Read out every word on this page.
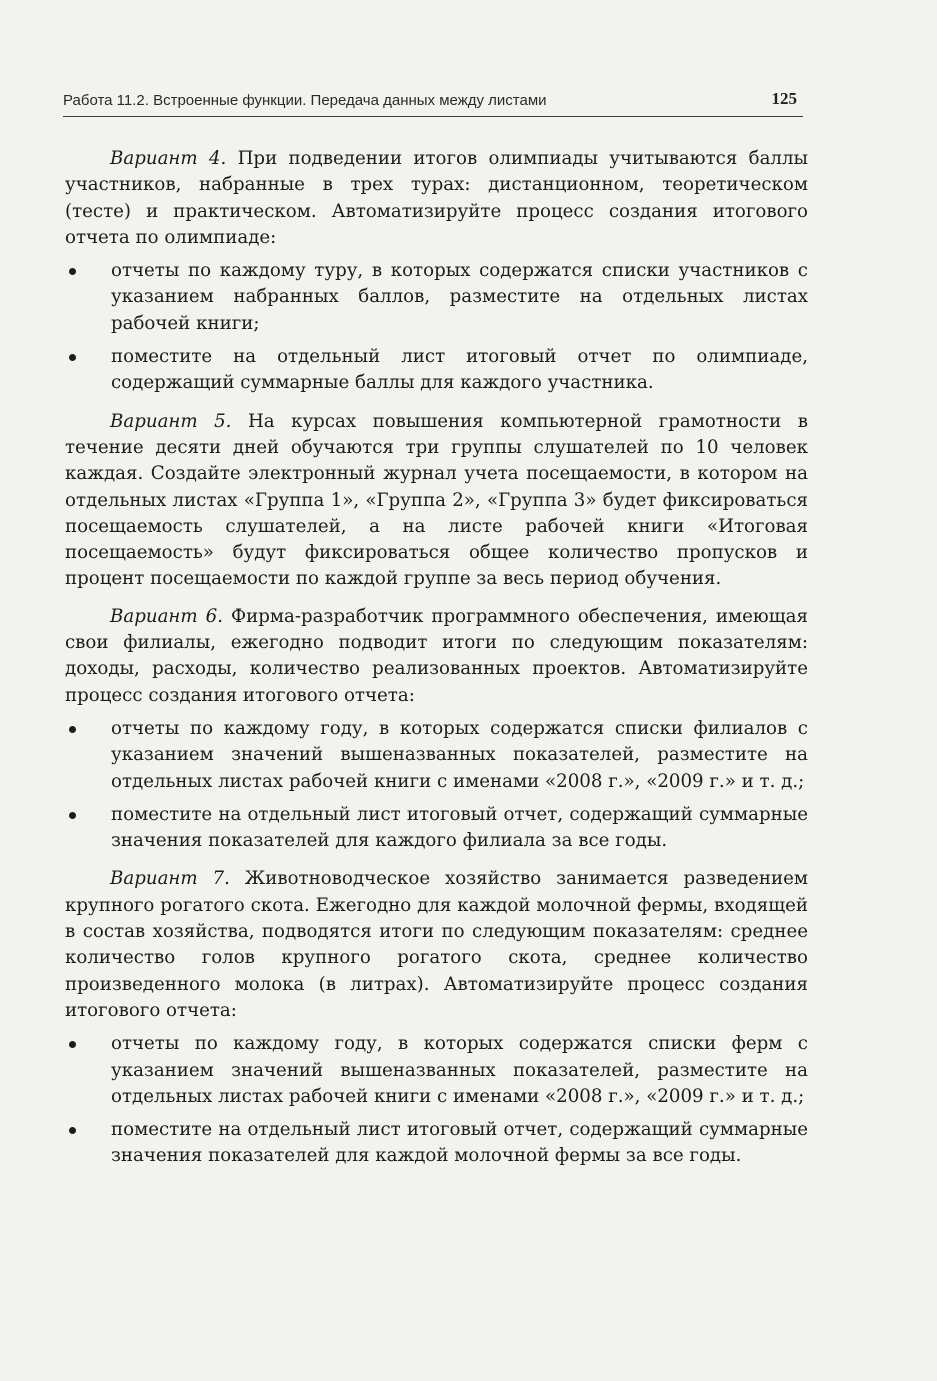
Работа 11.2. Встроенные функции. Передача данных между листами	125

Вариант 4. При подведении итогов олимпиады учитываются баллы участников, набранные в трех турах: дистанционном, теоретическом (тесте) и практическом. Автоматизируйте процесс создания итогового отчета по олимпиаде:

отчеты по каждому туру, в которых содержатся списки участников с указанием набранных баллов, разместите на отдельных листах рабочей книги;
поместите на отдельный лист итоговый отчет по олимпиаде, содержащий суммарные баллы для каждого участника.

Вариант 5. На курсах повышения компьютерной грамотности в течение десяти дней обучаются три группы слушателей по 10 человек каждая. Создайте электронный журнал учета посещаемости, в котором на отдельных листах «Группа 1», «Группа 2», «Группа 3» будет фиксироваться посещаемость слушателей, а на листе рабочей книги «Итоговая посещаемость» будут фиксироваться общее количество пропусков и процент посещаемости по каждой группе за весь период обучения.

Вариант 6. Фирма-разработчик программного обеспечения, имеющая свои филиалы, ежегодно подводит итоги по следующим показателям: доходы, расходы, количество реализованных проектов. Автоматизируйте процесс создания итогового отчета:

отчеты по каждому году, в которых содержатся списки филиалов с указанием значений вышеназванных показателей, разместите на отдельных листах рабочей книги с именами «2008 г.», «2009 г.» и т. д.;
поместите на отдельный лист итоговый отчет, содержащий суммарные значения показателей для каждого филиала за все годы.

Вариант 7. Животноводческое хозяйство занимается разведением крупного рогатого скота. Ежегодно для каждой молочной фермы, входящей в состав хозяйства, подводятся итоги по следующим показателям: среднее количество голов крупного рогатого скота, среднее количество произведенного молока (в литрах). Автоматизируйте процесс создания итогового отчета:

отчеты по каждому году, в которых содержатся списки ферм с указанием значений вышеназванных показателей, разместите на отдельных листах рабочей книги с именами «2008 г.», «2009 г.» и т. д.;
поместите на отдельный лист итоговый отчет, содержащий суммарные значения показателей для каждой молочной фермы за все годы.
